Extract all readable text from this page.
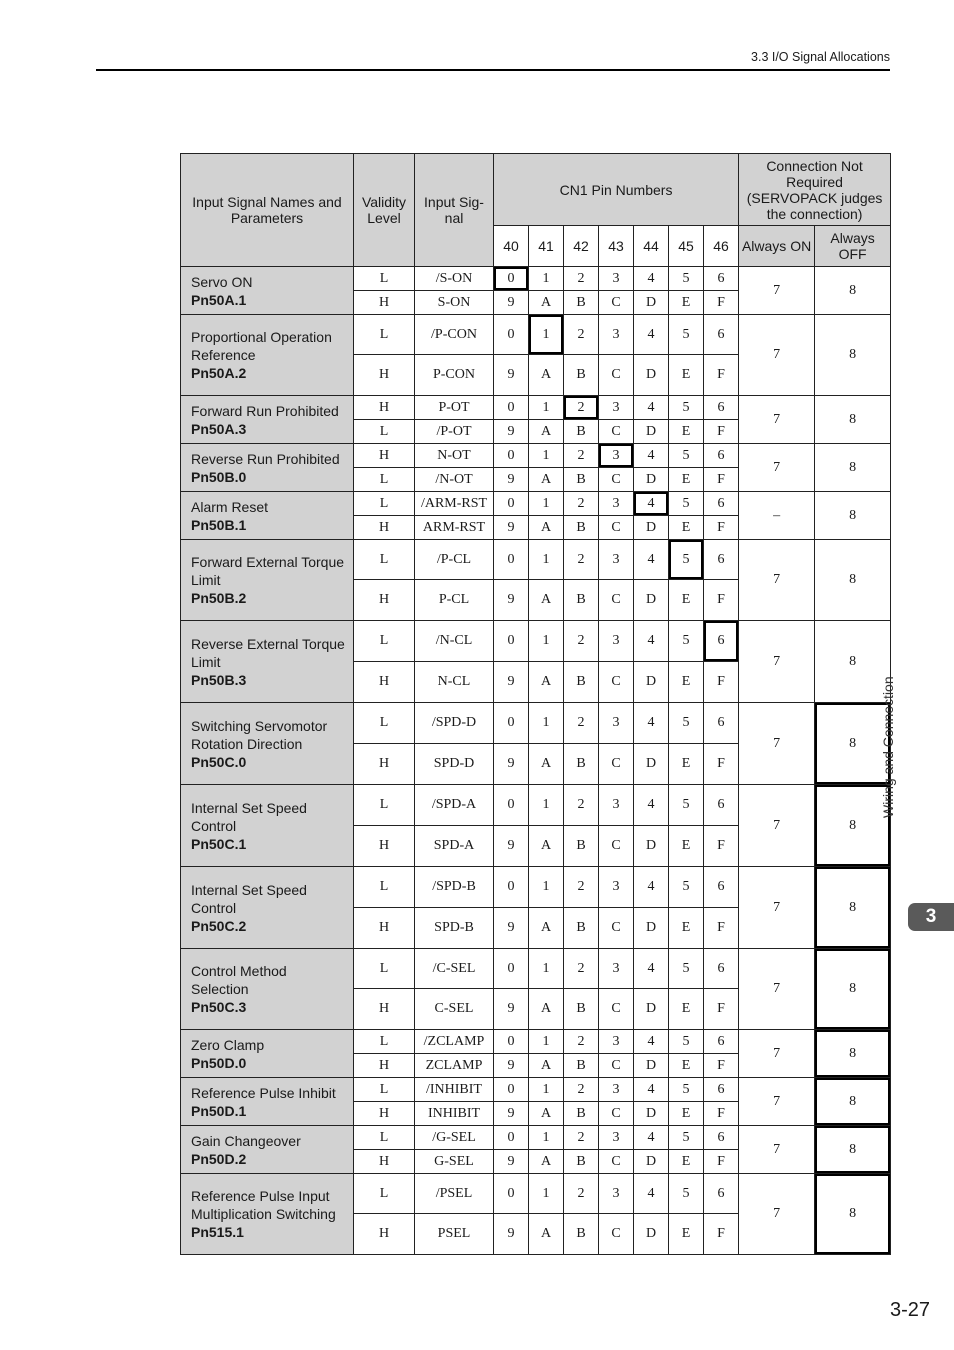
3.3 I/O Signal Allocations
Input Signal Names and Parameters	Validity Level	Input Sig-nal	CN1 Pin Numbers							Connection Not Required (SERVOPACK judges the connection)	
			40	41	42	43	44	45	46	Always ON	Always OFF

Servo ON
Pn50A.1	L	/S-ON	0	1	2	3	4	5	6	7	8
	H	S-ON	9	A	B	C	D	E	F		

Proportional Operation Reference
Pn50A.2	L	/P-CON	0	1	2	3	4	5	6	7	8
	H	P-CON	9	A	B	C	D	E	F		

Forward Run Prohibited
Pn50A.3	H	P-OT	0	1	2	3	4	5	6	7	8
	L	/P-OT	9	A	B	C	D	E	F		

Reverse Run Prohibited
Pn50B.0	H	N-OT	0	1	2	3	4	5	6	7	8
	L	/N-OT	9	A	B	C	D	E	F		

Alarm Reset
Pn50B.1	L	/ARM-RST	0	1	2	3	4	5	6	–	8
	H	ARM-RST	9	A	B	C	D	E	F		

Forward External Torque Limit
Pn50B.2	L	/P-CL	0	1	2	3	4	5	6	7	8
	H	P-CL	9	A	B	C	D	E	F		

Reverse External Torque Limit
Pn50B.3	L	/N-CL	0	1	2	3	4	5	6	7	8
	H	N-CL	9	A	B	C	D	E	F		

Switching Servomotor Rotation Direction
Pn50C.0	L	/SPD-D	0	1	2	3	4	5	6	7	8
	H	SPD-D	9	A	B	C	D	E	F		

Internal Set Speed Control
Pn50C.1	L	/SPD-A	0	1	2	3	4	5	6	7	8
	H	SPD-A	9	A	B	C	D	E	F		

Internal Set Speed Control
Pn50C.2	L	/SPD-B	0	1	2	3	4	5	6	7	8
	H	SPD-B	9	A	B	C	D	E	F		

Control Method Selection
Pn50C.3	L	/C-SEL	0	1	2	3	4	5	6	7	8
	H	C-SEL	9	A	B	C	D	E	F		

Zero Clamp
Pn50D.0	L	/ZCLAMP	0	1	2	3	4	5	6	7	8
	H	ZCLAMP	9	A	B	C	D	E	F		

Reference Pulse Inhibit
Pn50D.1	L	/INHIBIT	0	1	2	3	4	5	6	7	8
	H	INHIBIT	9	A	B	C	D	E	F		

Gain Changeover
Pn50D.2	L	/G-SEL	0	1	2	3	4	5	6	7	8
	H	G-SEL	9	A	B	C	D	E	F		

Reference Pulse Input Multiplication Switching
Pn515.1	L	/PSEL	0	1	2	3	4	5	6	7	8
	H	PSEL	9	A	B	C	D	E	F		
Wiring and Connection
3
3-27
